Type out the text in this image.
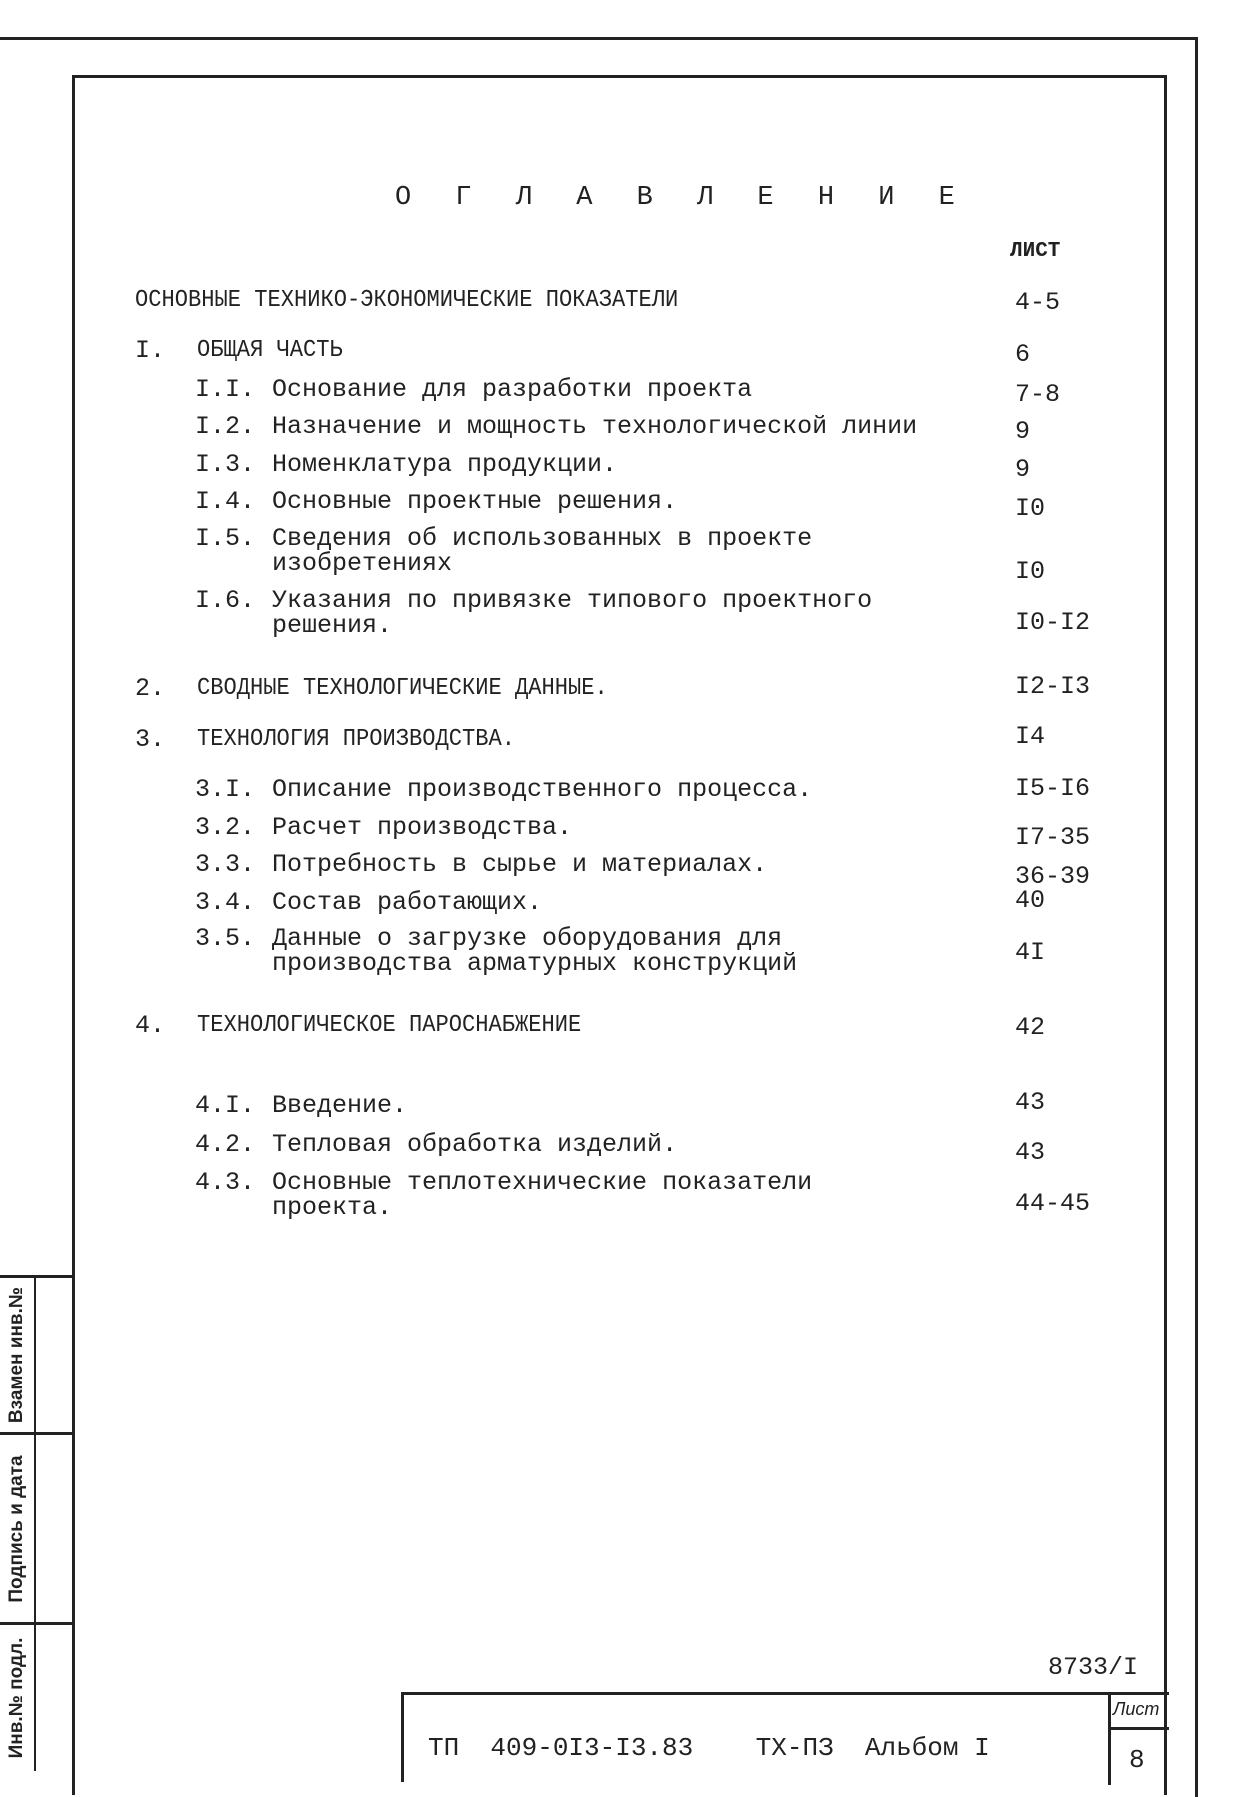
О Г Л А В Л Е Н И Е
ЛИСТ
ОСНОВНЫЕ ТЕХНИКО-ЭКОНОМИЧЕСКИЕ ПОКАЗАТЕЛИ	4-5
I. ОБЩАЯ ЧАСТЬ	6
I.I. Основание для разработки проекта	7-8
I.2. Назначение и мощность технологической линии	9
I.3. Номенклатура продукции.	9
I.4. Основные проектные решения.	I0
I.5. Сведения об использованных в проекте
изобретениях	I0
I.6. Указания по привязке типового проектного
решения.	I0-I2
2. СВОДНЫЕ ТЕХНОЛОГИЧЕСКИЕ ДАННЫЕ.	I2-I3
3. ТЕХНОЛОГИЯ ПРОИЗВОДСТВА.	I4
3.I. Описание производственного процесса.	I5-I6
3.2. Расчет производства.	I7-35
3.3. Потребность в сырье и материалах.	36-39
3.4. Состав работающих.	40
3.5. Данные о загрузке оборудования для
производства арматурных конструкций	4I
4. ТЕХНОЛОГИЧЕСКОЕ ПАРОСНАБЖЕНИЕ	42
4.I. Введение.	43
4.2. Тепловая обработка изделий.	43
4.3. Основные теплотехнические показатели
проекта.	44-45
8733/I
ТП  409-0I3-I3.83    ТХ-ПЗ  Альбом I
Лист
8
Взамен инв.№
Подпись и дата
Инв.№ подл.
